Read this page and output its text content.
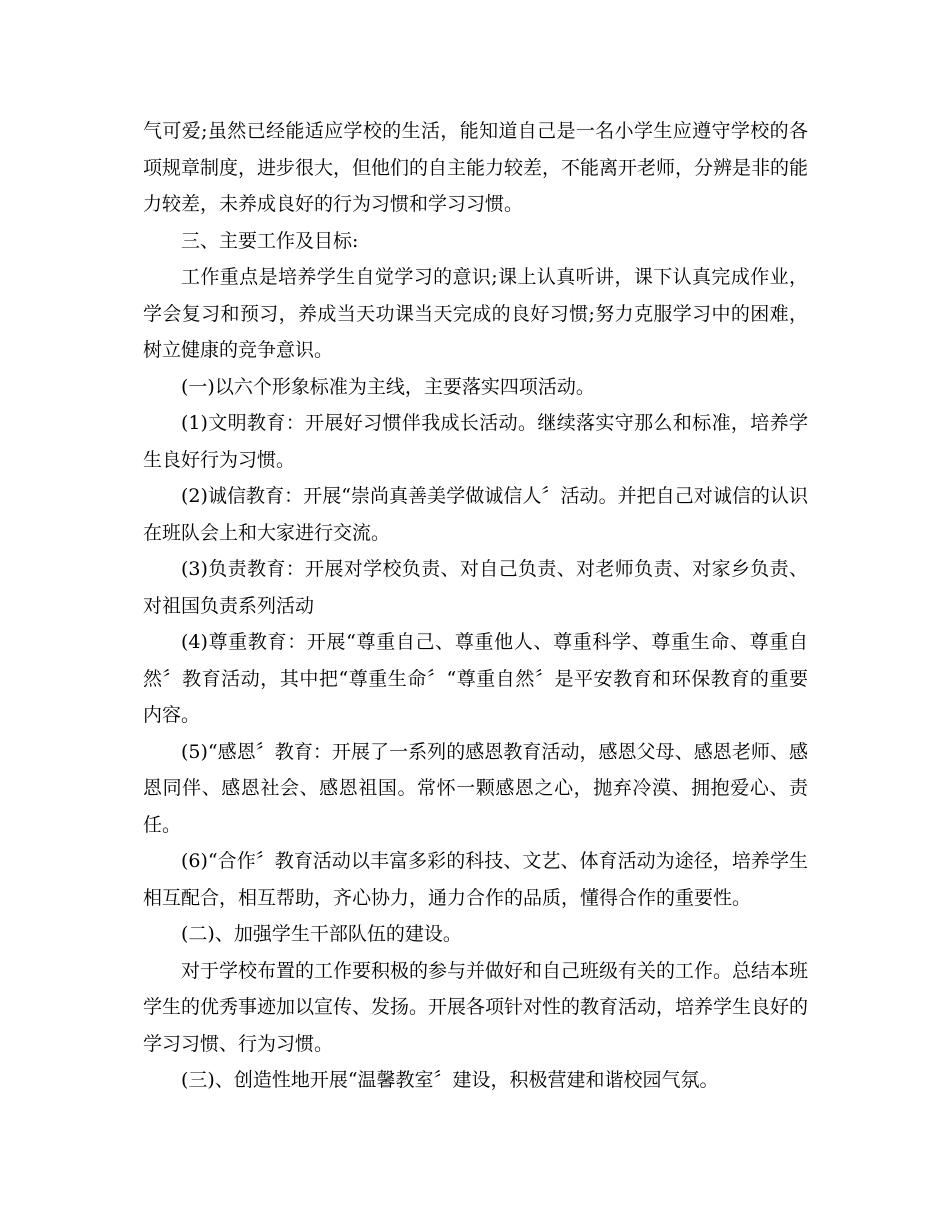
气可爱;虽然已经能适应学校的生活，能知道自己是一名小学生应遵守学校的各项规章制度，进步很大，但他们的自主能力较差，不能离开老师，分辨是非的能力较差，未养成良好的行为习惯和学习习惯。

三、主要工作及目标:

工作重点是培养学生自觉学习的意识;课上认真听讲，课下认真完成作业，学会复习和预习，养成当天功课当天完成的良好习惯;努力克服学习中的困难，树立健康的竞争意识。

(一)以六个形象标准为主线，主要落实四项活动。

(1)文明教育：开展好习惯伴我成长活动。继续落实守那么和标准，培养学生良好行为习惯。

(2)诚信教育：开展“崇尚真善美学做诚信人〞活动。并把自己对诚信的认识在班队会上和大家进行交流。

(3)负责教育：开展对学校负责、对自己负责、对老师负责、对家乡负责、对祖国负责系列活动

(4)尊重教育：开展“尊重自己、尊重他人、尊重科学、尊重生命、尊重自然〞教育活动，其中把“尊重生命〞“尊重自然〞是平安教育和环保教育的重要内容。

(5)“感恩〞教育：开展了一系列的感恩教育活动，感恩父母、感恩老师、感恩同伴、感恩社会、感恩祖国。常怀一颗感恩之心，抛弃冷漠、拥抱爱心、责任。

(6)“合作〞教育活动以丰富多彩的科技、文艺、体育活动为途径，培养学生相互配合，相互帮助，齐心协力，通力合作的品质，懂得合作的重要性。

(二)、加强学生干部队伍的建设。

对于学校布置的工作要积极的参与并做好和自己班级有关的工作。总结本班学生的优秀事迹加以宣传、发扬。开展各项针对性的教育活动，培养学生良好的学习习惯、行为习惯。

(三)、创造性地开展“温馨教室〞建设，积极营建和谐校园气氛。
